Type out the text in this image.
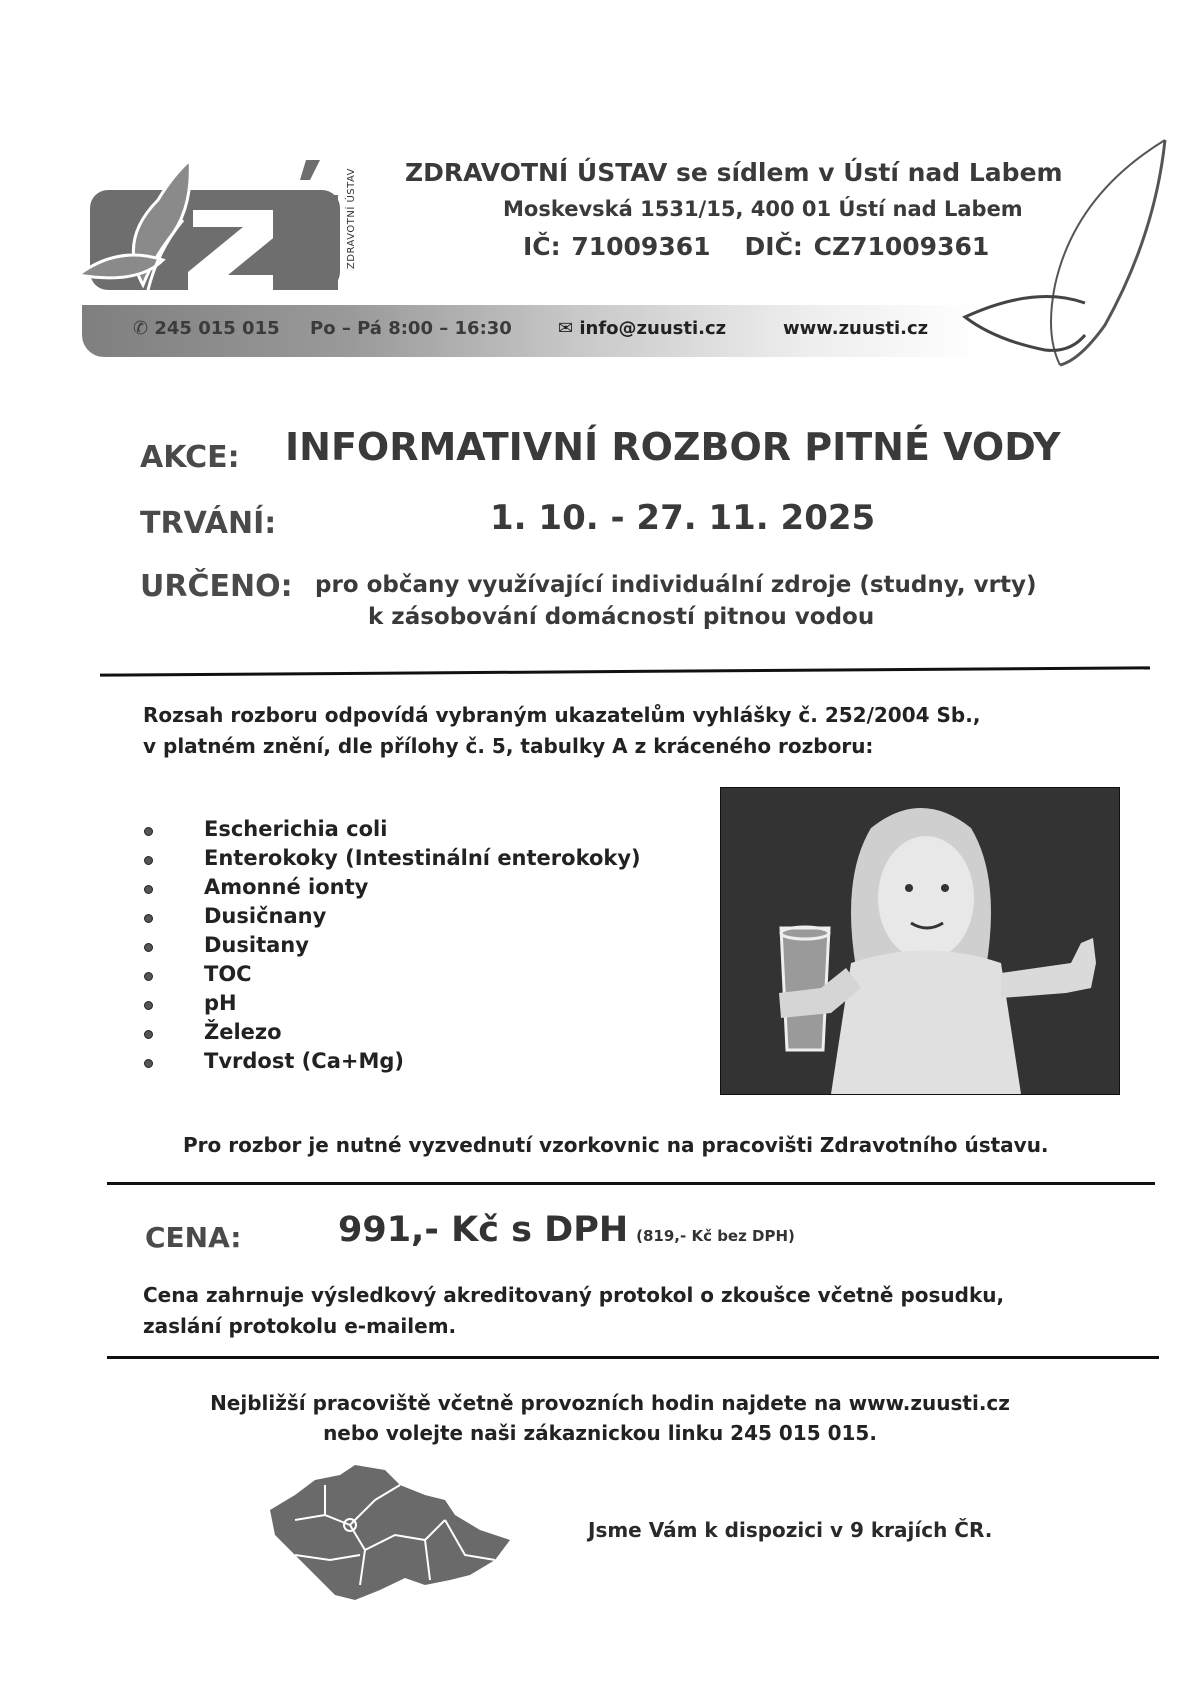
ZDRAVOTNÍ ÚSTAV ZDRAVOTNÍ ÚSTAV se sídlem v Ústí nad Labem
Moskevská 1531/15, 400 01 Ústí nad Labem
IČ: 71009361 DIČ: CZ71009361
✆ 245 015 015 Po – Pá 8:00 – 16:30	✉ info@zuusti.cz	www.zuusti.cz
AKCE: INFORMATIVNÍ ROZBOR PITNÉ VODY
TRVÁNÍ:	1. 10. - 27. 11. 2025
URČENO: pro občany využívající individuální zdroje (studny, vrty)
k zásobování domácností pitnou vodou
Rozsah rozboru odpovídá vybraným ukazatelům vyhlášky č. 252/2004 Sb.,
v platném znění, dle přílohy č. 5, tabulky A z kráceného rozboru:
Escherichia coli
Enterokoky (Intestinální enterokoky)
Amonné ionty
Dusičnany
Dusitany
TOC
pH
Železo
Tvrdost (Ca+Mg)
Pro rozbor je nutné vyzvednutí vzorkovnic na pracovišti Zdravotního ústavu.
CENA:	991,- Kč s DPH (819,- Kč bez DPH)
Cena zahrnuje výsledkový akreditovaný protokol o zkoušce včetně posudku,
zaslání protokolu e-mailem.
Nejbližší pracoviště včetně provozních hodin najdete na www.zuusti.cz
nebo volejte naši zákaznickou linku 245 015 015.
Jsme Vám k dispozici v 9 krajích ČR.
